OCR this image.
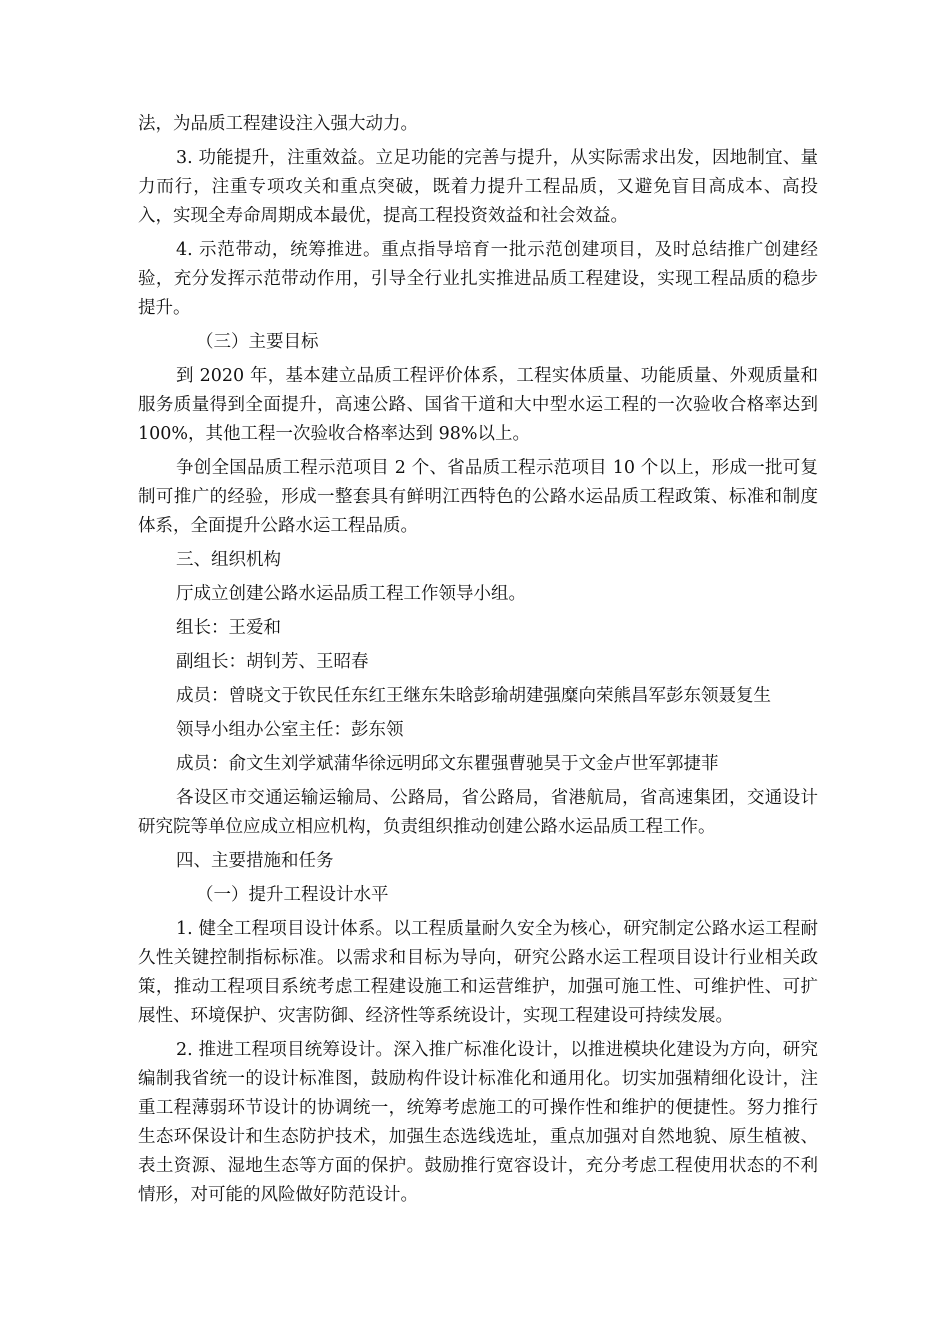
法，为品质工程建设注入强大动力。

3. 功能提升，注重效益。立足功能的完善与提升，从实际需求出发，因地制宜、量力而行，注重专项攻关和重点突破，既着力提升工程品质，又避免盲目高成本、高投入，实现全寿命周期成本最优，提高工程投资效益和社会效益。

4. 示范带动，统筹推进。重点指导培育一批示范创建项目，及时总结推广创建经验，充分发挥示范带动作用，引导全行业扎实推进品质工程建设，实现工程品质的稳步提升。

（三）主要目标

到 2020 年，基本建立品质工程评价体系，工程实体质量、功能质量、外观质量和服务质量得到全面提升，高速公路、国省干道和大中型水运工程的一次验收合格率达到 100%，其他工程一次验收合格率达到 98%以上。

争创全国品质工程示范项目 2 个、省品质工程示范项目 10 个以上，形成一批可复制可推广的经验，形成一整套具有鲜明江西特色的公路水运品质工程政策、标准和制度体系，全面提升公路水运工程品质。

三、组织机构

厅成立创建公路水运品质工程工作领导小组。

组长：王爱和

副组长：胡钊芳、王昭春

成员：曾晓文于钦民任东红王继东朱晗彭瑜胡建强糜向荣熊昌军彭东领聂复生

领导小组办公室主任：彭东领

成员：俞文生刘学斌蒲华徐远明邱文东瞿强曹驰昊于文金卢世军郭捷菲

各设区市交通运输运输局、公路局，省公路局，省港航局，省高速集团，交通设计研究院等单位应成立相应机构，负责组织推动创建公路水运品质工程工作。

四、主要措施和任务

（一）提升工程设计水平

1. 健全工程项目设计体系。以工程质量耐久安全为核心，研究制定公路水运工程耐久性关键控制指标标准。以需求和目标为导向，研究公路水运工程项目设计行业相关政策，推动工程项目系统考虑工程建设施工和运营维护，加强可施工性、可维护性、可扩展性、环境保护、灾害防御、经济性等系统设计，实现工程建设可持续发展。

2. 推进工程项目统筹设计。深入推广标准化设计，以推进模块化建设为方向，研究编制我省统一的设计标准图，鼓励构件设计标准化和通用化。切实加强精细化设计，注重工程薄弱环节设计的协调统一，统筹考虑施工的可操作性和维护的便捷性。努力推行生态环保设计和生态防护技术，加强生态选线选址，重点加强对自然地貌、原生植被、表土资源、湿地生态等方面的保护。鼓励推行宽容设计，充分考虑工程使用状态的不利情形，对可能的风险做好防范设计。
